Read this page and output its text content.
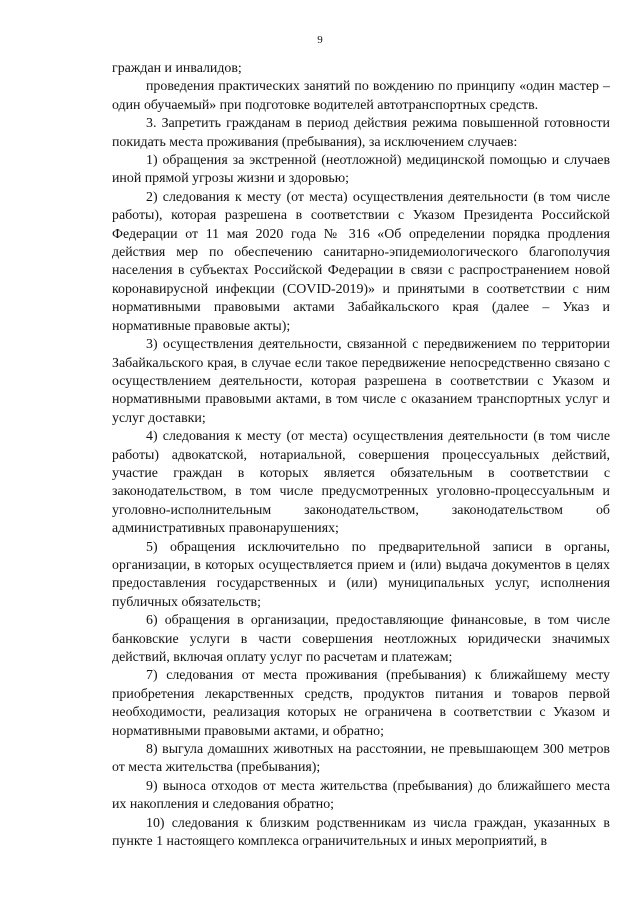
9

граждан и инвалидов;

проведения практических занятий по вождению по принципу «один мастер – один обучаемый» при подготовке водителей автотранспортных средств.

3. Запретить гражданам в период действия режима повышенной готовности покидать места проживания (пребывания), за исключением случаев:

1) обращения за экстренной (неотложной) медицинской помощью и случаев иной прямой угрозы жизни и здоровью;

2) следования к месту (от места) осуществления деятельности (в том числе работы), которая разрешена в соответствии с Указом Президента Российской Федерации от 11 мая 2020 года № 316 «Об определении порядка продления действия мер по обеспечению санитарно-эпидемиологического благополучия населения в субъектах Российской Федерации в связи с распространением новой коронавирусной инфекции (COVID-2019)» и принятыми в соответствии с ним нормативными правовыми актами Забайкальского края (далее – Указ и нормативные правовые акты);

3) осуществления деятельности, связанной с передвижением по территории Забайкальского края, в случае если такое передвижение непосредственно связано с осуществлением деятельности, которая разрешена в соответствии с Указом и нормативными правовыми актами, в том числе с оказанием транспортных услуг и услуг доставки;

4) следования к месту (от места) осуществления деятельности (в том числе работы) адвокатской, нотариальной, совершения процессуальных действий, участие граждан в которых является обязательным в соответствии с законодательством, в том числе предусмотренных уголовно-процессуальным и уголовно-исполнительным законодательством, законодательством об административных правонарушениях;

5) обращения исключительно по предварительной записи в органы, организации, в которых осуществляется прием и (или) выдача документов в целях предоставления государственных и (или) муниципальных услуг, исполнения публичных обязательств;

6) обращения в организации, предоставляющие финансовые, в том числе банковские услуги в части совершения неотложных юридически значимых действий, включая оплату услуг по расчетам и платежам;

7) следования от места проживания (пребывания) к ближайшему месту приобретения лекарственных средств, продуктов питания и товаров первой необходимости, реализация которых не ограничена в соответствии с Указом и нормативными правовыми актами, и обратно;

8) выгула домашних животных на расстоянии, не превышающем 300 метров от места жительства (пребывания);

9) выноса отходов от места жительства (пребывания) до ближайшего места их накопления и следования обратно;

10) следования к близким родственникам из числа граждан, указанных в пункте 1 настоящего комплекса ограничительных и иных мероприятий, в
